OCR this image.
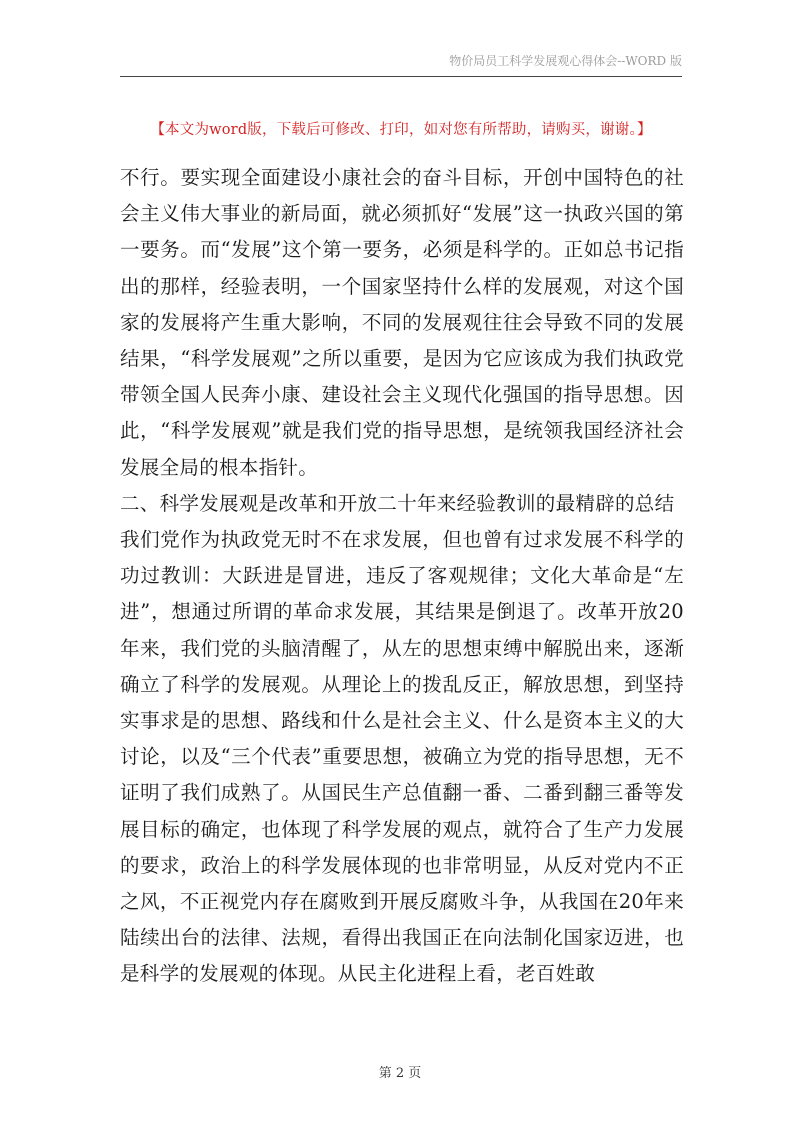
物价局员工科学发展观心得体会--WORD 版
【本文为word版，下载后可修改、打印，如对您有所帮助，请购买，谢谢。】

不行。要实现全面建设小康社会的奋斗目标，开创中国特色的社会主义伟大事业的新局面，就必须抓好“发展”这一执政兴国的第一要务。而“发展”这个第一要务，必须是科学的。正如总书记指出的那样，经验表明，一个国家坚持什么样的发展观，对这个国家的发展将产生重大影响，不同的发展观往往会导致不同的发展结果，“科学发展观”之所以重要，是因为它应该成为我们执政党带领全国人民奔小康、建设社会主义现代化强国的指导思想。因此，“科学发展观”就是我们党的指导思想，是统领我国经济社会发展全局的根本指针。

二、科学发展观是改革和开放二十年来经验教训的最精辟的总结

我们党作为执政党无时不在求发展，但也曾有过求发展不科学的功过教训：大跃进是冒进，违反了客观规律；文化大革命是“左进”，想通过所谓的革命求发展，其结果是倒退了。改革开放20年来，我们党的头脑清醒了，从左的思想束缚中解脱出来，逐渐确立了科学的发展观。从理论上的拨乱反正，解放思想，到坚持实事求是的思想、路线和什么是社会主义、什么是资本主义的大讨论，以及“三个代表”重要思想，被确立为党的指导思想，无不证明了我们成熟了。从国民生产总值翻一番、二番到翻三番等发展目标的确定，也体现了科学发展的观点，就符合了生产力发展的要求，政治上的科学发展体现的也非常明显，从反对党内不正之风，不正视党内存在腐败到开展反腐败斗争，从我国在20年来陆续出台的法律、法规，看得出我国正在向法制化国家迈进，也是科学的发展观的体现。从民主化进程上看，老百姓敢

第 2 页
